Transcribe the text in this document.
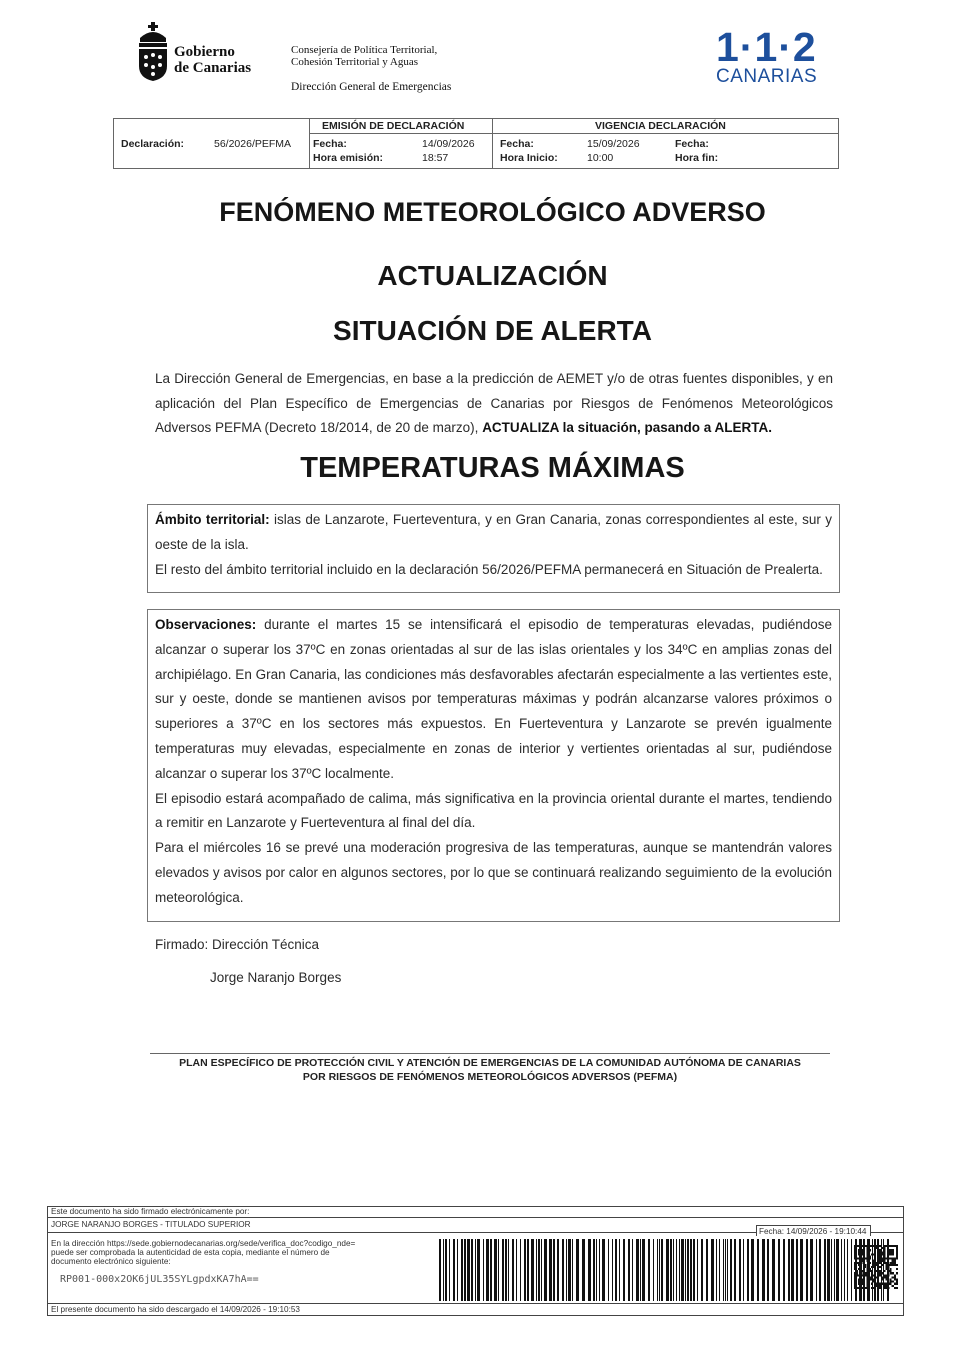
Gobierno
de Canarias
Consejería de Política Territorial,
Cohesión Territorial y Aguas
Dirección General de Emergencias
1·1·2
CANARIAS
Declaración:	56/2026/PEFMA
EMISIÓN DE DECLARACIÓN	VIGENCIA DECLARACIÓN
Fecha:
Hora emisión:
14/09/2026
18:57
Fecha:
Hora Inicio:
15/09/2026
10:00
Fecha:
Hora fin:
FENÓMENO METEOROLÓGICO ADVERSO
ACTUALIZACIÓN
SITUACIÓN DE ALERTA
La Dirección General de Emergencias, en base a la predicción de AEMET y/o de otras fuentes disponibles, y en aplicación del Plan Específico de Emergencias de Canarias por Riesgos de Fenómenos Meteorológicos Adversos PEFMA (Decreto 18/2014, de 20 de marzo), ACTUALIZA la situación, pasando a ALERTA.
TEMPERATURAS MÁXIMAS

Ámbito territorial: islas de Lanzarote, Fuerteventura, y en Gran Canaria, zonas correspondientes al este, sur y oeste de la isla.

El resto del ámbito territorial incluido en la declaración 56/2026/PEFMA permanecerá en Situación de Prealerta.

Observaciones: durante el martes 15 se intensificará el episodio de temperaturas elevadas, pudiéndose alcanzar o superar los 37ºC en zonas orientadas al sur de las islas orientales y los 34ºC en amplias zonas del archipiélago. En Gran Canaria, las condiciones más desfavorables afectarán especialmente a las vertientes este, sur y oeste, donde se mantienen avisos por temperaturas máximas y podrán alcanzarse valores próximos o superiores a 37ºC en los sectores más expuestos. En Fuerteventura y Lanzarote se prevén igualmente temperaturas muy elevadas, especialmente en zonas de interior y vertientes orientadas al sur, pudiéndose alcanzar o superar los 37ºC localmente.

El episodio estará acompañado de calima, más significativa en la provincia oriental durante el martes, tendiendo a remitir en Lanzarote y Fuerteventura al final del día.

Para el miércoles 16 se prevé una moderación progresiva de las temperaturas, aunque se mantendrán valores elevados y avisos por calor en algunos sectores, por lo que se continuará realizando seguimiento de la evolución meteorológica.

Firmado: Dirección Técnica
Jorge Naranjo Borges
PLAN ESPECÍFICO DE PROTECCIÓN CIVIL Y ATENCIÓN DE EMERGENCIAS DE LA COMUNIDAD AUTÓNOMA DE CANARIAS
POR RIESGOS DE FENÓMENOS METEOROLÓGICOS ADVERSOS (PEFMA)
Este documento ha sido firmado electrónicamente por:
JORGE NARANJO BORGES - TITULADO SUPERIOR
Fecha: 14/09/2026 - 19:10:44
En la dirección https://sede.gobiernodecanarias.org/sede/verifica_doc?codigo_nde=
puede ser comprobada la autenticidad de esta copia, mediante el número de
documento electrónico siguiente:
RP001-000x2OK6jUL35SYLgpdxKA7hA==
El presente documento ha sido descargado el 14/09/2026 - 19:10:53
